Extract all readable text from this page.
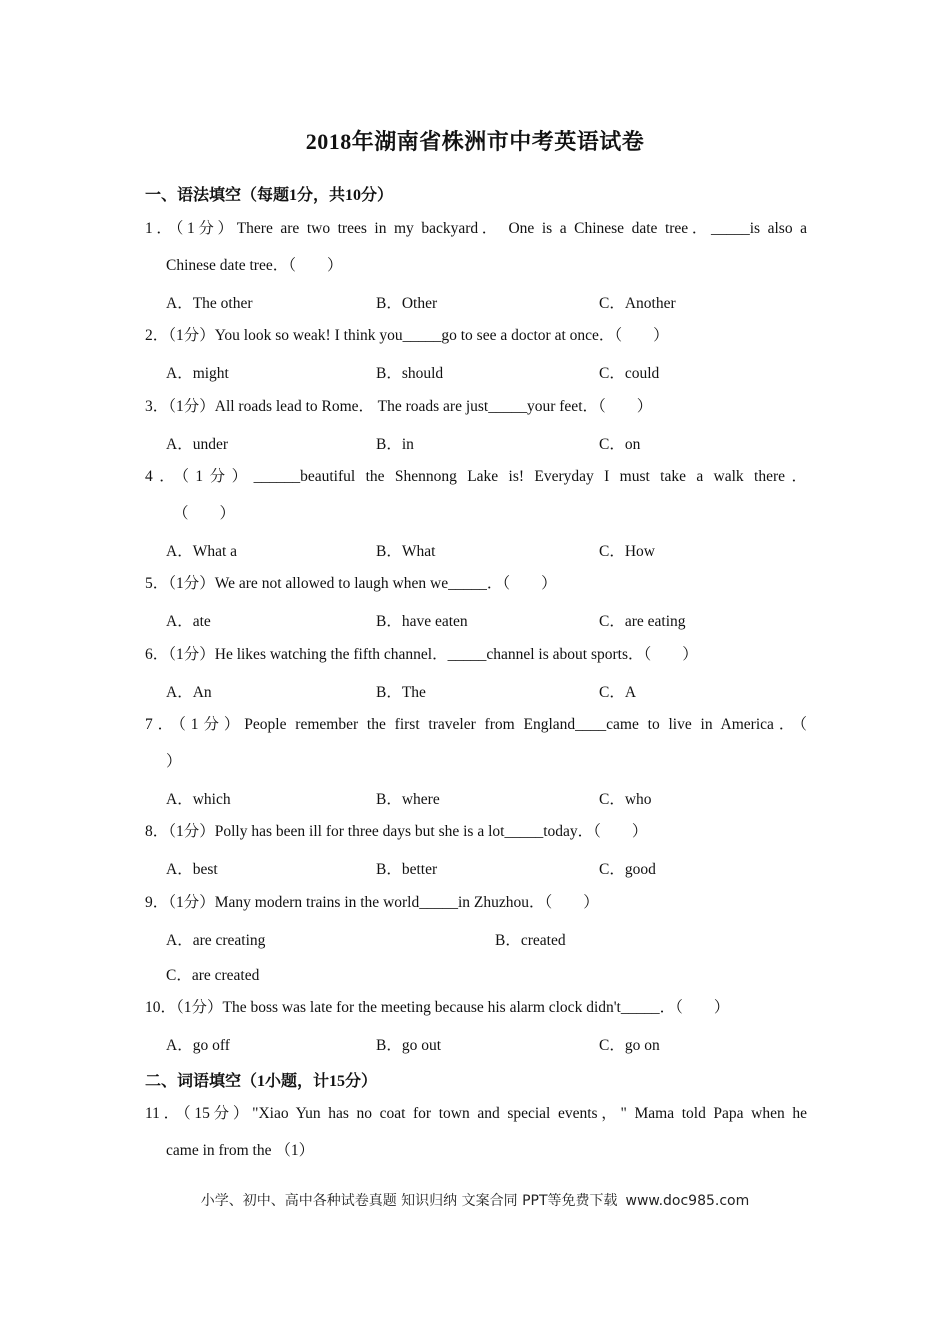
2018年湖南省株洲市中考英语试卷
一、语法填空（每题1分，共10分）
1．（1分）There are two trees in my backyard． One is a Chinese date tree．_____is also a
Chinese date tree．（　　）
A．The other	B．Other	C．Another
2．（1分）You look so weak! I think you_____go to see a doctor at once．（　　）
A．might	B．should	C．could
3．（1分）All roads lead to Rome． The roads are just_____your feet．（　　）
A．under	B．in	C．on
4．（1分）______beautiful the Shennong Lake is! Everyday I must take a walk there．
（　　）
A．What a	B．What	C．How
5．（1分）We are not allowed to laugh when we_____．（　　）
A．ate	B．have eaten	C．are eating
6．（1分）He likes watching the fifth channel．_____channel is about sports．（　　）
A．An	B．The	C．A
7．（1分）People remember the first traveler from England____came to live in America．（
）
A．which	B．where	C．who
8．（1分）Polly has been ill for three days but she is a lot_____today．（　　）
A．best	B．better	C．good
9．（1分）Many modern trains in the world_____in Zhuzhou．（　　）
A．are creating	B．created
C．are created
10．（1分）The boss was late for the meeting because his alarm clock didn't_____．（　　）
A．go off	B．go out	C．go on
二、词语填空（1小题，计15分）
11．（15分）"Xiao Yun has no coat for town and special events，" Mama told Papa when he
came in from the （1）
小学、初中、高中各种试卷真题 知识归纳 文案合同 PPT等免费下载 www.doc985.com
